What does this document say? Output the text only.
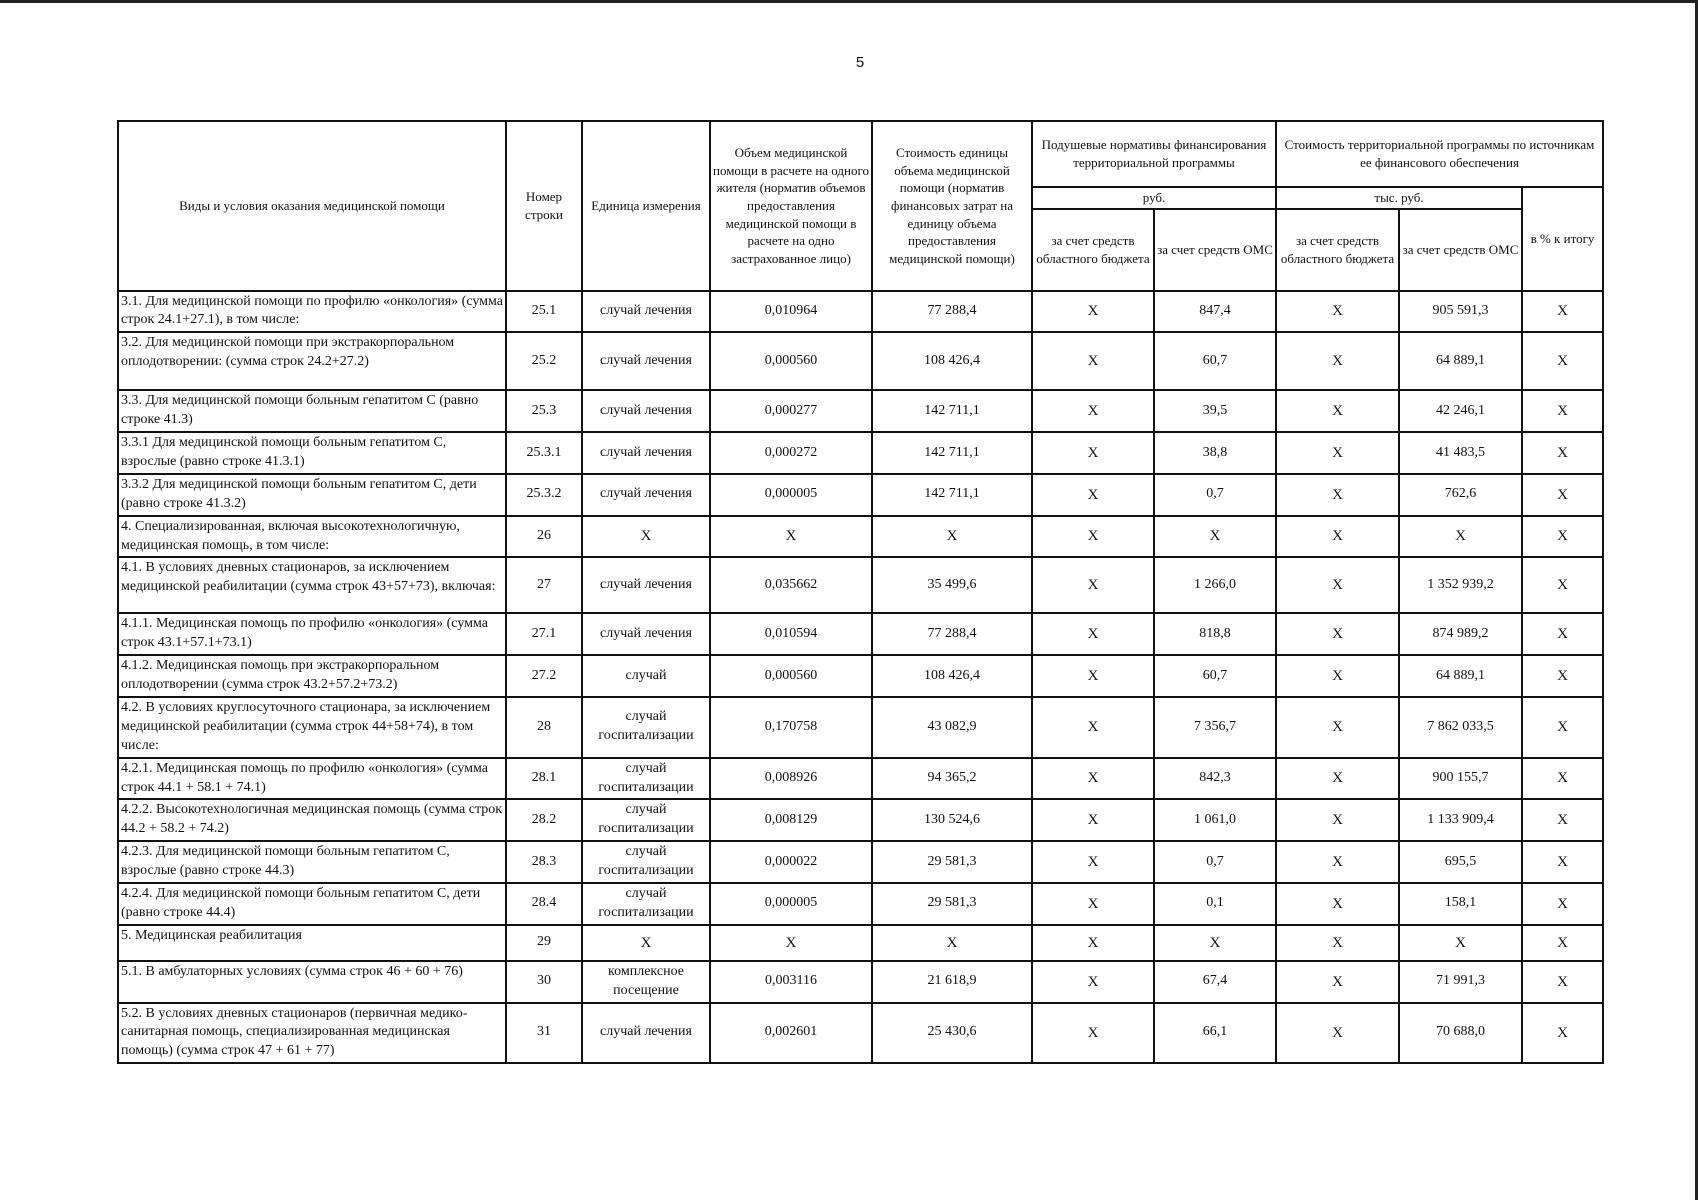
5
Виды и условия оказания медицинской помощи	Номер строки	Единица измерения	Объем медицинской помощи в расчете на одного жителя (норматив объемов предоставления медицинской помощи в расчете на одно застрахованное лицо)	Стоимость единицы объема медицинской помощи (норматив финансовых затрат на единицу объема предоставления медицинской помощи)	Подушевые нормативы финансирования территориальной программы		Стоимость территориальной программы по источникам ее финансового обеспечения		
					руб.		тыс. руб.		в % к итогу
					за счет средств областного бюджета	за счет средств ОМС	за счет средств областного бюджета	за счет средств ОМС	
3.1. Для медицинской помощи по профилю «онкология» (сумма строк 24.1+27.1), в том числе:	25.1	случай лечения	0,010964	77 288,4	Х	847,4	Х	905 591,3	Х
3.2. Для медицинской помощи при экстракорпоральном оплодотворении: (сумма строк 24.2+27.2)	25.2	случай лечения	0,000560	108 426,4	Х	60,7	Х	64 889,1	Х
3.3. Для медицинской помощи больным гепатитом С (равно строке 41.3)	25.3	случай лечения	0,000277	142 711,1	Х	39,5	Х	42 246,1	Х
3.3.1 Для медицинской помощи больным гепатитом С, взрослые (равно строке 41.3.1)	25.3.1	случай лечения	0,000272	142 711,1	Х	38,8	Х	41 483,5	Х
3.3.2 Для медицинской помощи больным гепатитом С, дети (равно строке 41.3.2)	25.3.2	случай лечения	0,000005	142 711,1	Х	0,7	Х	762,6	Х
4. Специализированная, включая высокотехнологичную, медицинская помощь, в том числе:	26	Х	Х	Х	Х	Х	Х	Х	Х
4.1. В условиях дневных стационаров, за исключением медицинской реабилитации (сумма строк 43+57+73), включая:	27	случай лечения	0,035662	35 499,6	Х	1 266,0	Х	1 352 939,2	Х
4.1.1. Медицинская помощь по профилю «онкология» (сумма строк 43.1+57.1+73.1)	27.1	случай лечения	0,010594	77 288,4	Х	818,8	Х	874 989,2	Х
4.1.2. Медицинская помощь при экстракорпоральном оплодотворении (сумма строк 43.2+57.2+73.2)	27.2	случай	0,000560	108 426,4	Х	60,7	Х	64 889,1	Х
4.2. В условиях круглосуточного стационара, за исключением медицинской реабилитации (сумма строк 44+58+74), в том числе:	28	случай госпитализации	0,170758	43 082,9	Х	7 356,7	Х	7 862 033,5	Х
4.2.1. Медицинская помощь по профилю «онкология» (сумма строк 44.1 + 58.1 + 74.1)	28.1	случай госпитализации	0,008926	94 365,2	Х	842,3	Х	900 155,7	Х
4.2.2. Высокотехнологичная медицинская помощь (сумма строк 44.2 + 58.2 + 74.2)	28.2	случай госпитализации	0,008129	130 524,6	Х	1 061,0	Х	1 133 909,4	Х
4.2.3. Для медицинской помощи больным гепатитом С, взрослые (равно строке 44.3)	28.3	случай госпитализации	0,000022	29 581,3	Х	0,7	Х	695,5	Х
4.2.4. Для медицинской помощи больным гепатитом С, дети (равно строке 44.4)	28.4	случай госпитализации	0,000005	29 581,3	Х	0,1	Х	158,1	Х
5. Медицинская реабилитация	29	Х	Х	Х	Х	Х	Х	Х	Х
5.1. В амбулаторных условиях (сумма строк 46 + 60 + 76)	30	комплексное посещение	0,003116	21 618,9	Х	67,4	Х	71 991,3	Х
5.2. В условиях дневных стационаров (первичная медико-санитарная помощь, специализированная медицинская помощь) (сумма строк 47 + 61 + 77)	31	случай лечения	0,002601	25 430,6	Х	66,1	Х	70 688,0	Х
